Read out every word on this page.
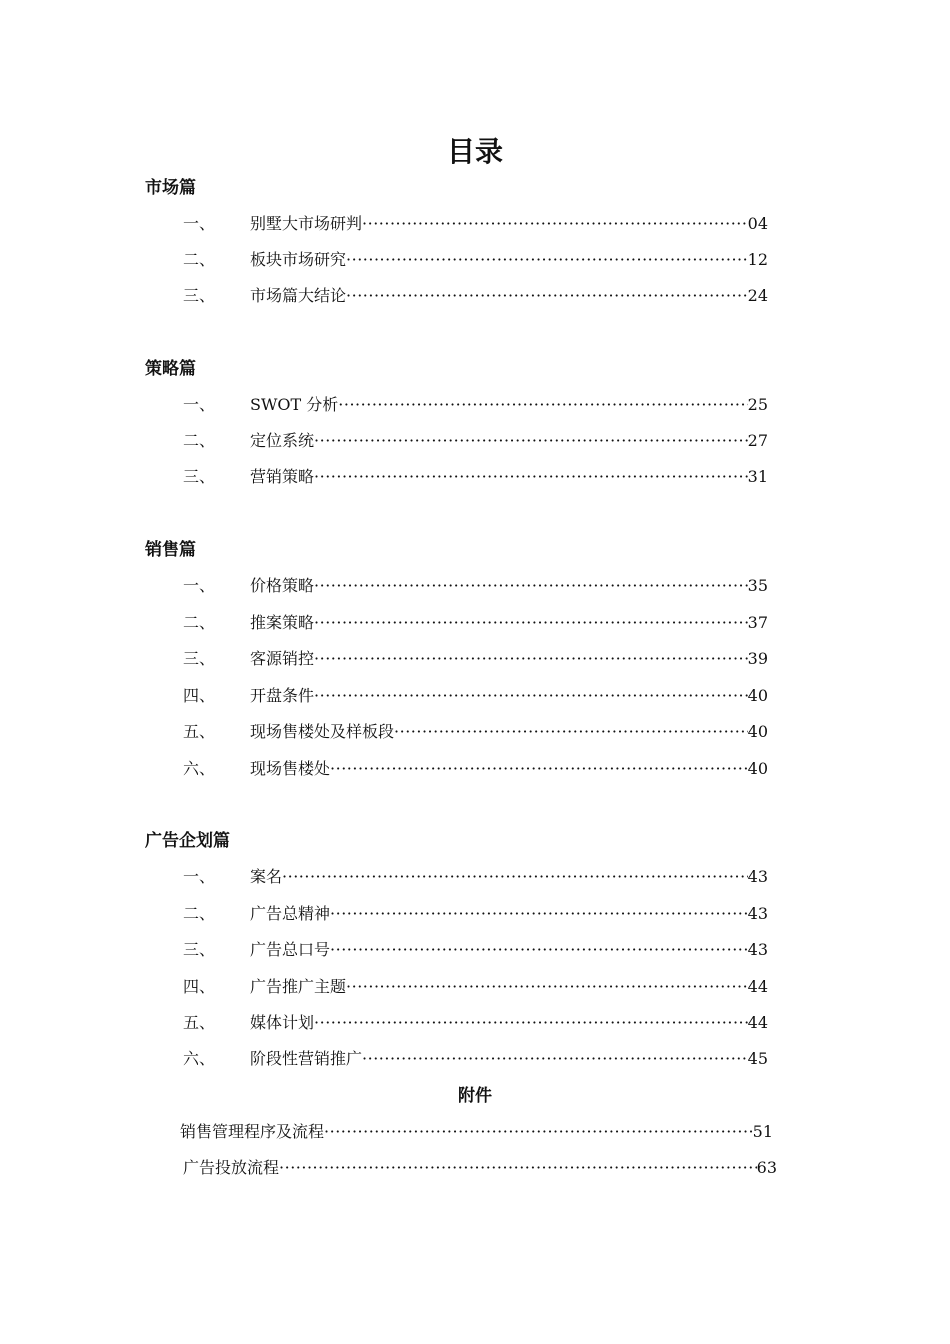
目录
市场篇
一、 别墅大市场研判 ·····	04
二、 板块市场研究 ·····	12
三、 市场篇大结论 ·····	24
策略篇
一、 SWOT 分析 ·····	25
二、 定位系统 ·····	27
三、 营销策略 ·····	31
销售篇
一、 价格策略 ·····	35
二、 推案策略 ·····	37
三、 客源销控 ·····	39
四、 开盘条件 ·····	40
五、 现场售楼处及样板段 ·····	40
六、 现场售楼处 ·····	40
广告企划篇
一、 案名 ·····	43
二、 广告总精神 ·····	43
三、 广告总口号 ·····	43
四、 广告推广主题 ·····	44
五、 媒体计划 ·····	44
六、 阶段性营销推广 ·····	45
附件
销售管理程序及流程 ·····	51
广告投放流程 ·····	63
